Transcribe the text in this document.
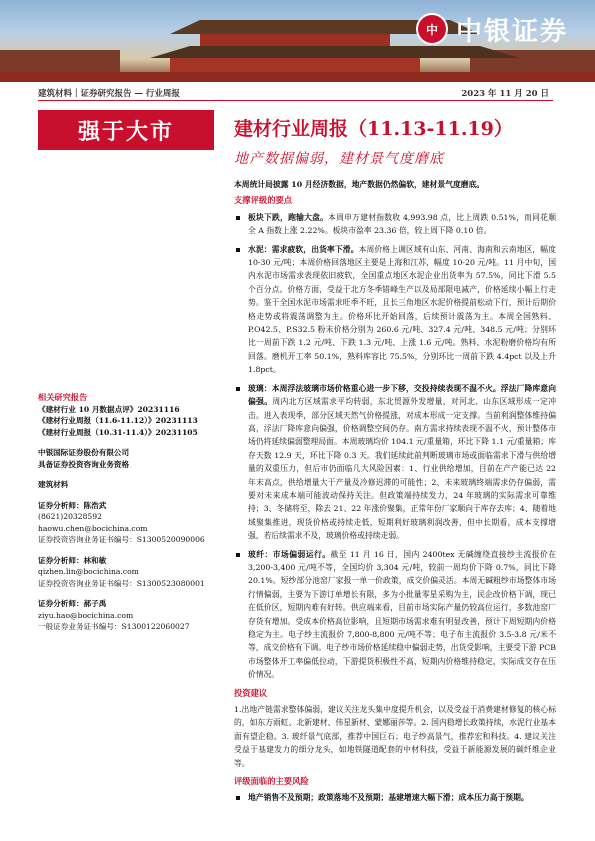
中 中银证券
建筑材料｜证券研究报告 — 行业周报	2023 年 11 月 20 日
强于大市	建材行业周报（11.13-11.19）
地产数据偏弱，建材景气度磨底
相关研究报告
《建材行业 10 月数据点评》20231116
《建材行业周报（11.6-11.12）》20231113
《建材行业周报（10.31-11.4）》20231105
中银国际证券股份有限公司
具备证券投资咨询业务资格
建筑材料
证券分析师：陈浩武
(8621)20328592
haowu.chen@bocichina.com
证券投资咨询业务证书编号：S1300520090006
证券分析师：林和敏
qizhen.lin@bocichina.com
证券投资咨询业务证书编号：S1300523080001
证券分析师：郝子禹
ziyu.hao@bocichina.com
一般证券业务证书编号：S1300122060027
本周统计局披露 10 月经济数据，地产数据仍然偏软，建材景气度磨底。
支撑评级的要点
板块下跌，跑输大盘。本周申万建材指数收 4,993.98 点，比上周跌 0.51%，而同花顺全 A 指数上涨 2.22%。板块市盈率 23.36 倍，较上周下降 0.10 倍。
水泥：需求疲软，出货率下滑。本周价格上调区域有山东、河南、海南和云南地区，幅度 10-30 元/吨；本周价格回落地区主要是上海和江苏，幅度 10-20 元/吨。11 月中旬，国内水泥市场需求表现依旧疲软，全国重点地区水泥企业出货率为 57.5%，同比下滑 5.5 个百分点。价格方面，受益于北方冬季错峰生产以及局部限电减产，价格延续小幅上行走势。鉴于全国水泥市场需求旺季不旺，且长三角地区水泥价格提前松动下行，预计后期价格走势或将震荡调整为主。价格环比开始回落，后续预计震荡为主。本周全国熟料、P.O42.5、P.S32.5 粉末价格分别为 260.6 元/吨、327.4 元/吨、348.5 元/吨；分别环比一周前下跌 1.2 元/吨、下跌 1.3 元/吨、上涨 1.6 元/吨。熟料、水泥粉磨价格均有所回落。磨机开工率 50.1%，熟料库容比 75.5%，分别环比一周前下跌 4.4pct 以及上升 1.8pct。
玻璃：本周浮法玻璃市场价格重心进一步下移，交投持续表现不温不火。浮法厂降库意向偏强。周内北方区域需求平均转弱，东北贸源外发增量，对河北、山东区域形成一定冲击。进入表现季，部分区域天然气价格提涨，对成本形成一定支撑。当前利润整体维持偏高，浮法厂降库意向偏强，价格调整空间仍存。南方需求持续表现不温不火，预计整体市场仍将延续偏弱整理局面。本周玻璃均价 104.1 元/重量箱，环比下降 1.1 元/重量箱；库存天数 12.9 天，环比下降 0.3 天。我们延续此前判断玻璃市场或面临需求下滑与供给增量的双重压力，但后市仍面临几大风险因素：1、行业供给增加，目前在产产能已达 22 年末高点，供给增量大于产量及冷修迟滞的可能性；2、未来玻璃终端需求仍存偏弱，需要对未来成本端可能波动保持关注。但政策端持续发力，24 年玻璃的实际需求可靠维持；3、冬储将至，除去 21、22 年涨价聚集，正常年份厂家顺向于库存去库；4、随着地域聚集推进，现货价格或持续走低，短期利好玻璃利润改善，但中长期看，成本支撑增强，若后续需求不及，玻璃价格或持续走弱。
玻纤：市场偏弱运行。截至 11 月 16 日，国内 2400tex 无碱缠绕直接纱主流报价在 3,200-3,400 元/吨不等，全国均价 3,304 元/吨，较前一周均价下降 0.7%，同比下降 20.1%。短纱部分池窑厂家报一单一价政策，成交价偏灵活。本周无碱粗纱市场整体市场行情偏弱，主要为下游订单增长有限，多为小批量零星采购为主，民企改价格下调，现已在低价区，短期内难有好转。供应端来看，目前市场实际产量仍较高位运行，多数池窑厂存货有增加。受成本价格高位影响，且短期市场需求难有明显改善，预计下周短期内价格稳定为主。电子纱主流报价 7,800-8,800 元/吨不等；电子布主流报价 3.5-3.8 元/米不等，成交价格有下调。电子纱市场价格延续稳中偏弱走势，出货受影响，主要受下游 PCB 市场整体开工率偏低拉动，下游提货积极性不高，短期内价格维持稳定，实际成交存在压价情况。
投资建议
1.出地产链需求整体偏弱，建议关注龙头集中度提升机会，以及受益于消费建材修复的核心标的，如东方雨虹、北新建材、伟星新材、蒙娜丽莎等。2. 国内稳增长政策持续，水泥行业基本面有望企稳。3. 玻纤景气底部，推荐中国巨石；电子纱高景气，推荐宏和科技。4. 建议关注受益于基建发力的细分龙头，如地铁隧道配套的中材科技，受益于新能源发展的碳纤维企业等。
评级面临的主要风险
地产销售不及预期；政策落地不及预期；基建增速大幅下滑；成本压力高于预期。
